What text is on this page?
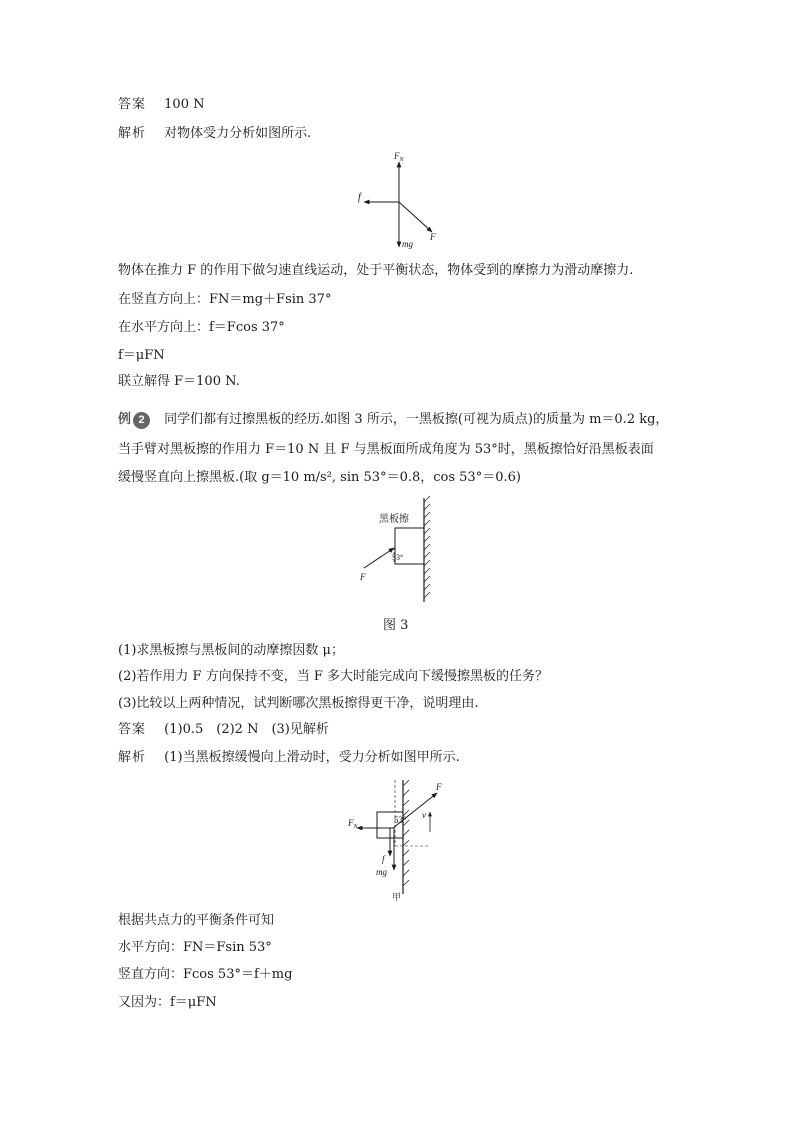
答案 100 N
解析 对物体受力分析如图所示.
$F_N$
f
mg
F
物体在推力 F 的作用下做匀速直线运动，处于平衡状态，物体受到的摩擦力为滑动摩擦力.
在竖直方向上：FN＝mg＋Fsin 37°
在水平方向上：f＝Fcos 37°
f＝μFN
联立解得 F＝100 N.
例 2 同学们都有过擦黑板的经历.如图 3 所示，一黑板擦(可视为质点)的质量为 m＝0.2 kg，
当手臂对黑板擦的作用力 F＝10 N 且 F 与黑板面所成角度为 53°时，黑板擦恰好沿黑板表面
缓慢竖直向上擦黑板.(取 g＝10 m/s², sin 53°＝0.8，cos 53°＝0.6)
黑板擦
53°
F
图 3
(1)求黑板擦与黑板间的动摩擦因数 μ；
(2)若作用力 F 方向保持不变，当 F 多大时能完成向下缓慢擦黑板的任务？
(3)比较以上两种情况，试判断哪次黑板擦得更干净，说明理由.
答案 (1)0.5　(2)2 N　(3)见解析
解析 (1)当黑板擦缓慢向上滑动时，受力分析如图甲所示.
F
$F_N$
53° v
f
mg
甲
根据共点力的平衡条件可知
水平方向：FN＝Fsin 53°
竖直方向：Fcos 53°＝f＋mg
又因为：f＝μFN
